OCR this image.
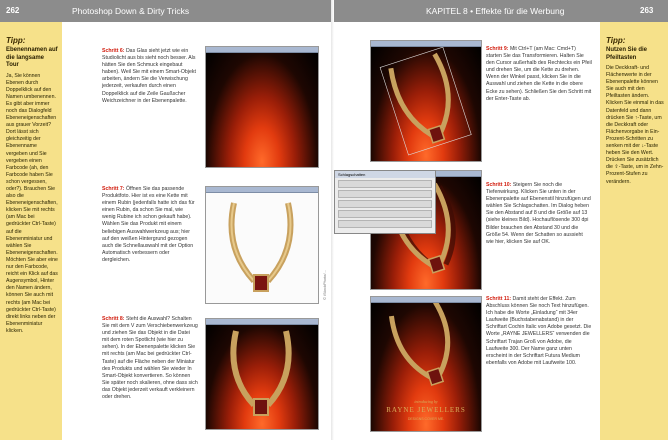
262	Photoshop Down & Dirty Tricks
Tipp:
Ebenennamen auf die langsame Tour
Ja, Sie können Ebenen durch Doppelklick auf den Namen umbenennen. Es gibt aber immer noch das Dialogfeld Ebeneneigenschaften aus grauer Vorzeit? Dort lässt sich gleichzeitig der Ebenenname vergeben und Sie vergeben einen Farbcode (ah, den Farbcode haben Sie schon vergessen, oder?). Brauchen Sie also die Ebeneneigenschaften, klicken Sie mit rechts (am Mac bei gedrückter Ctrl-Taste) auf die Ebenenminiatur und wählen Sie Ebeneneigenschaften. Möchten Sie aber eine nur den Farbcode, reicht ein Klick auf das Augensymbol, Hinter den Namen ändern, können Sie auch mit rechts (am Mac bei gedrückter Ctrl-Taste) direkt links neben der Ebenenminiatur klicken.
Schritt 6: Das Glas sieht jetzt wie ein Studiolicht aus bis sieht noch besser. Als hätten Sie den Schmuck eingebaut haben). Weil Sie mit einem Smart-Objekt arbeiten, ändern Sie die Verwischung jederzeit, verkaufen durch einen Doppelklick auf die Zeile Gaußscher Weichzeichner in der Ebenenpalette.
Schritt 7: Öffnen Sie das passende Produktfoto. Hier ist es eine Kette mit einem Rubin (jedenfalls hatte ich das für einen Rubin, da schon Sie mal, wie wenig Rubine ich schon gekauft habe). Wählen Sie das Produkt mit einem beliebigen Auswahlwerkzeug aus; hier auf den weißen Hintergrund gezogen auch die Schnellauswahl mit der Option Automatisch verbessern oder dergleichen.
© iStockPhoto/...
Schritt 8: Steht die Auswahl? Schalten Sie mit dem V zum Verschiebenwerkzeug und ziehen Sie das Objekt in die Datei mit dem roten Spotlicht (wie hier zu sehen). In der Ebenenpalette klicken Sie mit rechts (am Mac bei gedrückter Ctrl-Taste) auf die Fläche neben der Miniatur des Produkts und wählen Sie wieder In Smart-Objekt konvertieren. So können Sie später noch skalieren, ohne dass sich das Objekt jederzeit verkauft verkleinern oder drehen.
KAPITEL 8 • Effekte für die Werbung	263
Tipp:
Nutzen Sie die Pfeiltasten
Die Deckkraft- und Flächenwerte in der Ebenenpalette können Sie auch mit den Pfeiltasten ändern. Klicken Sie einmal in das Datenfeld und dann drücken Sie ↑-Taste, um die Deckkraft oder Flächenvorgabe in Ein-Prozent-Schritten zu senken mit der ↓-Taste heben Sie den Wert. Drücken Sie zusätzlich die ⇧-Taste, um in Zehn-Prozent-Stufen zu verändern.
Schritt 9: Mit Ctrl+T (am Mac: Cmd+T) starten Sie das Transformieren. Halten Sie den Cursor außerhalb des Rechtecks ein Pfeil und drehen Sie, um die Kette zu drehen. Wenn der Winkel passt, klicken Sie in die Auswahl und ziehen die Kette in die obere Ecke zu sehen). Schließen Sie den Schritt mit der Enter-Taste ab.
Schlagschatten
Schritt 10: Steigern Sie noch die Tiefenwirkung. Klicken Sie unten in der Ebenenpalette auf Ebenenstil hinzufügen und wählen Sie Schlagschatten. Im Dialog heben Sie den Abstand auf 8 und die Größe auf 13 (siehe kleines Bild). Hochauflösende 300 dpi Bilder brauchen den Abstand 30 und die Größe 54. Wenn der Schatten so aussieht wie hier, klicken Sie auf OK.
introducing by
RAYNE JEWELLERS
DESIGNS COVER ME.
Schritt 11: Damit steht der Effekt. Zum Abschluss können Sie noch Text hinzufügen. Ich habe die Worte „Einladung“ mit 34er Laufweite (Buchstabenabstand) in der Schriftart Cochin Italic von Adobe gesetzt. Die Worte „RAYNE JEWELLERS“ verwenden die Schriftart Trajan Groß von Adobe, die Laufweite 300. Der Name ganz unten erscheint in der Schriftart Futura Medium ebenfalls von Adobe mit Laufweite 100.
